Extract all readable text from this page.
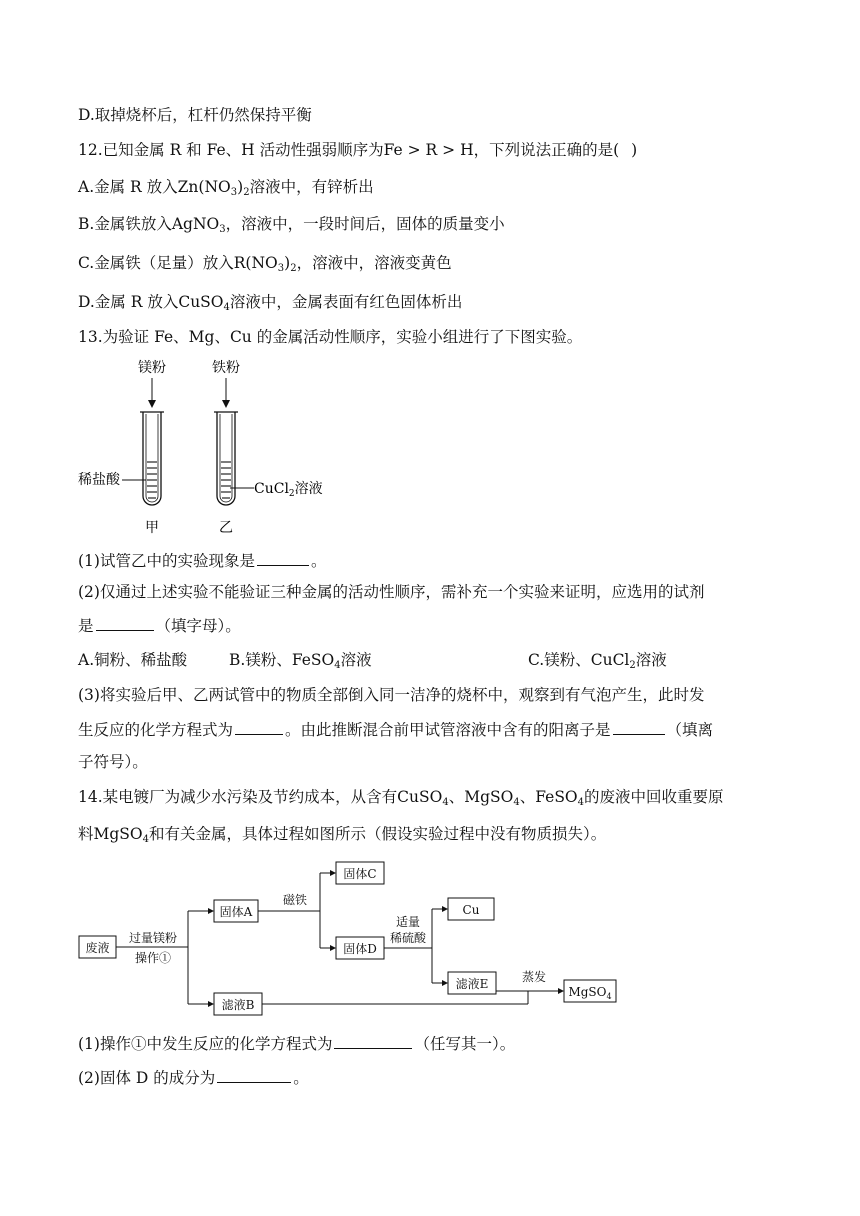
D.取掉烧杯后，杠杆仍然保持平衡
12.已知金属 R 和 Fe、H 活动性强弱顺序为Fe > R > H，下列说法正确的是( )
A.金属 R 放入$Zn(NO_3)_2$溶液中，有锌析出
B.金属铁放入AgNO$_3$，溶液中，一段时间后，固体的质量变小
C.金属铁（足量）放入$R(NO_3)_2$，溶液中，溶液变黄色
D.金属 R 放入CuSO$_4$溶液中，金属表面有红色固体析出
13.为验证 Fe、Mg、Cu 的金属活动性顺序，实验小组进行了下图实验。
镁粉	铁粉
稀盐酸
CuCl$_2$溶液
甲	乙
(1)试管乙中的实验现象是	。
(2)仅通过上述实验不能验证三种金属的活动性顺序，需补充一个实验来证明，应选用的试剂
是	（填字母）。
A.铜粉、稀盐酸	B.镁粉、FeSO$_4$溶液	C.镁粉、CuCl$_2$溶液
(3)将实验后甲、乙两试管中的物质全部倒入同一洁净的烧杯中，观察到有气泡产生，此时发
生反应的化学方程式为	。由此推断混合前甲试管溶液中含有的阳离子是	（填离
子符号）。
14.某电镀厂为减少水污染及节约成本，从含有CuSO$_4$、MgSO$_4$、FeSO$_4$的废液中回收重要原
料MgSO$_4$和有关金属，具体过程如图所示（假设实验过程中没有物质损失）。
废液
过量镁粉
操作①
固体A
磁铁
固体C
固体D
适量
稀硫酸
Cu
滤液E	蒸发
MgSO$_4$
滤液B
(1)操作①中发生反应的化学方程式为	（任写其一）。
(2)固体 D 的成分为	。
